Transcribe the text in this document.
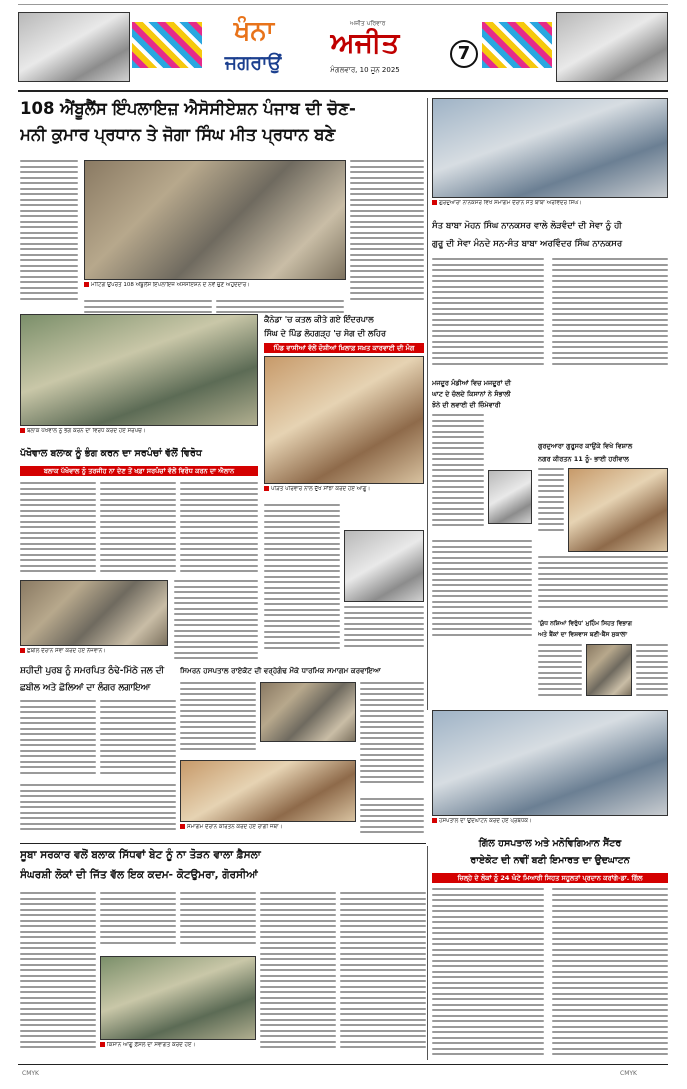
ਖੰਨਾ
ਜਗਰਾਉਂ
ਅਜੀਤ ਪਰਿਵਾਰ
ਅਜੀਤ
ਮੰਗਲਵਾਰ, 10 ਜੂਨ 2025
7
108 ਐਂਬੂਲੈਂਸ ਇੰਪਲਾਇਜ਼ ਐਸੋਸੀਏਸ਼ਨ ਪੰਜਾਬ ਦੀ ਚੋਣ-
ਮਨੀ ਕੁਮਾਰ ਪ੍ਰਧਾਨ ਤੇ ਜੋਗਾ ਸਿੰਘ ਮੀਤ ਪ੍ਰਧਾਨ ਬਣੇ
ਮੀਟਿੰਗ ਉਪਰੰਤ 108 ਐਂਬੂਲੈਂਸ ਇੰਪਲਾਇਜ਼ ਐਸੋਸੀਏਸ਼ਨ ਦੇ ਨਵੇਂ ਚੁਣੇ ਅਹੁਦੇਦਾਰ।
ਗੁਰਦੁਆਰਾ ਨਾਨਕਸਰ ਵਿਖੇ ਸਮਾਗਮ ਦੌਰਾਨ ਸੰਤ ਬਾਬਾ ਅਰਵਿੰਦਰ ਸਿੰਘ।
ਸੰਤ ਬਾਬਾ ਮੋਹਨ ਸਿੰਘ ਨਾਨਕਸਰ ਵਾਲੇ ਲੋੜਵੰਦਾਂ ਦੀ ਸੇਵਾ ਨੂੰ ਹੀ
ਗੁਰੂ ਦੀ ਸੇਵਾ ਮੰਨਦੇ ਸਨ-ਸੰਤ ਬਾਬਾ ਅਰਵਿੰਦਰ ਸਿੰਘ ਨਾਨਕਸਰ
ਕੈਨੇਡਾ 'ਚ ਕਤਲ ਕੀਤੇ ਗਏ ਇੰਦਰਪਾਲ
ਸਿੰਘ ਦੇ ਪਿੰਡ ਲੋਹਗੜ੍ਹ 'ਚ ਸੋਗ ਦੀ ਲਹਿਰ
ਪਿੰਡ ਵਾਸੀਆਂ ਵੱਲੋਂ ਦੋਸ਼ੀਆਂ ਖ਼ਿਲਾਫ਼ ਸਖ਼ਤ ਕਾਰਵਾਈ ਦੀ ਮੰਗ
ਪੀੜਤ ਪਰਿਵਾਰ ਨਾਲ ਦੁੱਖ ਸਾਂਝਾ ਕਰਦੇ ਹੋਏ ਆਗੂ।
ਬਲਾਕ ਪੱਖੋਵਾਲ ਨੂੰ ਭੰਗ ਕਰਨ ਦਾ ਵਿਰੋਧ ਕਰਦੇ ਹੋਏ ਸਰਪੰਚ।
ਪੱਖੋਵਾਲ ਬਲਾਕ ਨੂੰ ਭੰਗ ਕਰਨ ਦਾ ਸਰਪੰਚਾਂ ਵੱਲੋਂ ਵਿਰੋਧ
ਬਲਾਕ ਪੱਖੋਵਾਲ ਨੂੰ ਤਰਜੀਹ ਨਾ ਦੇਣ ਤੋਂ ਖਫ਼ਾ ਸਰਪੰਚਾਂ ਵੱਲੋਂ ਵਿਰੋਧ ਕਰਨ ਦਾ ਐਲਾਨ
ਛਬੀਲ ਦੌਰਾਨ ਸੇਵਾ ਕਰਦੇ ਹੋਏ ਨੌਜਵਾਨ।
ਮਜਦੂਰ ਮੰਡੀਆਂ ਵਿਚ ਮਜਦੂਰਾਂ ਦੀ
ਘਾਟ ਦੇ ਚੱਲਦੇ ਕਿਸਾਨਾਂ ਨੇ ਸੰਭਾਲੀ
ਝੋਨੇ ਦੀ ਲਵਾਈ ਦੀ ਜ਼ਿੰਮੇਵਾਰੀ
ਗੁਰਦੁਆਰਾ ਗੁਰੂਸਰ ਕਾਉਂਕੇ ਵਿਖੇ ਵਿਸ਼ਾਲ
ਨਗਰ ਕੀਰਤਨ 11 ਨੂੰ- ਭਾਈ ਹਰੀਵਾਲ
'ਯੁੱਧ ਨਸ਼ਿਆਂ ਵਿਰੁੱਧ' ਮੁਹਿੰਮ ਸਿਹਤ ਵਿਭਾਗ
ਅਤੇ ਬੈਂਕਾਂ ਦਾ ਵਿਸ਼ਵਾਸ ਬਣੀ-ਬੈਂਸ ਸੁਕਾਲਾ
ਸ਼ਹੀਦੀ ਪੁਰਬ ਨੂੰ ਸਮਰਪਿਤ ਠੰਢੇ-ਮਿੱਠੇ ਜਲ ਦੀ
ਛਬੀਲ ਅਤੇ ਛੋਲਿਆਂ ਦਾ ਲੰਗਰ ਲਗਾਇਆ
ਸਿਮਰਨ ਹਸਪਤਾਲ ਰਾਏਕੋਟ ਦੀ ਵਰ੍ਹੇਗੰਢ ਮੌਕੇ ਧਾਰਮਿਕ ਸਮਾਗਮ ਕਰਵਾਇਆ
ਸਮਾਗਮ ਦੌਰਾਨ ਕੀਰਤਨ ਕਰਦੇ ਹੋਏ ਰਾਗੀ ਜਥਾ।
ਹਸਪਤਾਲ ਦਾ ਉਦਘਾਟਨ ਕਰਦੇ ਹੋਏ ਪ੍ਰਬੰਧਕ।
ਗਿੱਲ ਹਸਪਤਾਲ ਅਤੇ ਮਨੋਵਿਗਿਆਨ ਸੈਂਟਰ
ਰਾਏਕੋਟ ਦੀ ਨਵੀਂ ਬਣੀ ਇਮਾਰਤ ਦਾ ਉਦਘਾਟਨ
ਜ਼ਿਲ੍ਹੇ ਦੇ ਲੋਕਾਂ ਨੂੰ 24 ਘੰਟੇ ਮਿਆਰੀ ਸਿਹਤ ਸਹੂਲਤਾਂ ਪ੍ਰਦਾਨ ਕਰਾਂਗੇ-ਡਾ. ਗਿੱਲ
ਸੂਬਾ ਸਰਕਾਰ ਵਲੋਂ ਬਲਾਕ ਸਿੱਧਵਾਂ ਬੇਟ ਨੂੰ ਨਾ ਤੋੜਨ ਵਾਲਾ ਫ਼ੈਸਲਾ
ਸੰਘਰਸ਼ੀ ਲੋਕਾਂ ਦੀ ਜਿੱਤ ਵੱਲ ਇਕ ਕਦਮ- ਕੋਟਉਮਰਾ, ਗੋਰਸੀਆਂ
ਕਿਸਾਨ ਆਗੂ ਫ਼ੈਸਲੇ ਦਾ ਸਵਾਗਤ ਕਰਦੇ ਹੋਏ।
CMYK	CMYK
